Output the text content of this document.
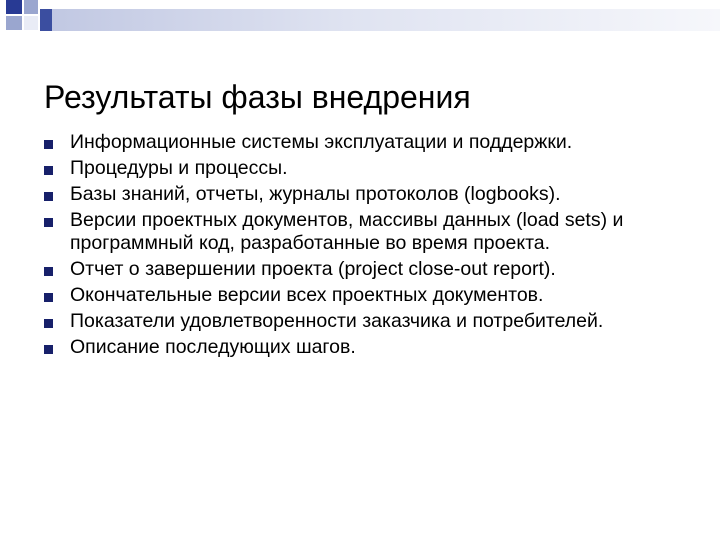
Результаты фазы внедрения
Информационные системы эксплуатации и поддержки.
Процедуры и процессы.
Базы знаний, отчеты, журналы протоколов (logbooks).
Версии проектных документов, массивы данных (load sets) и программный код, разработанные во время проекта.
Отчет о завершении проекта (project close-out report).
Окончательные версии всех проектных документов.
Показатели удовлетворенности заказчика и потребителей.
Описание последующих шагов.
